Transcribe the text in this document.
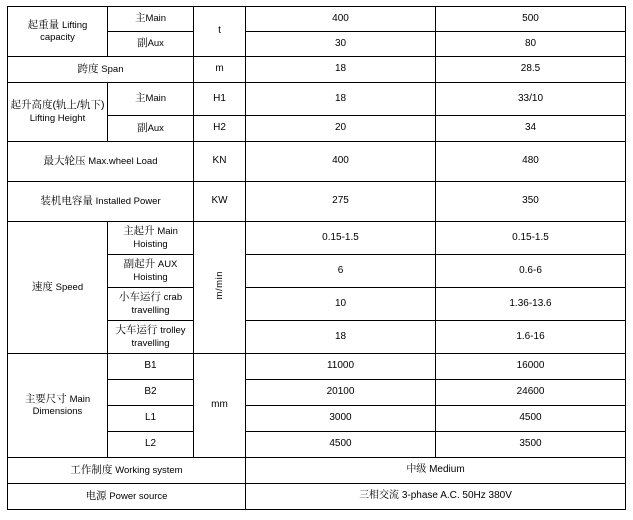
起重量 Lifting capacity	主Main	t	400	500
	副Aux		30	80
跨度 Span		m	18	28.5
起升高度(轨上/轨下) Lifting Height	主Main	H1	18	33/10
	副Aux	H2	20	34
最大轮压 Max.wheel Load		KN	400	480
装机电容量 Installed Power		KW	275	350
速度 Speed	主起升 Main Hoisting	m/min	0.15-1.5	0.15-1.5
	副起升 AUX Hoisting		6	0.6-6
	小车运行 crab travelling		10	1.36-13.6
	大车运行 trolley travelling		18	1.6-16
主要尺寸 Main Dimensions	B1	mm	11000	16000
	B2		20100	24600
	L1		3000	4500
	L2		4500	3500
工作制度 Working system			中级 Medium	
电源 Power source			三相交流 3-phase A.C. 50Hz 380V	
